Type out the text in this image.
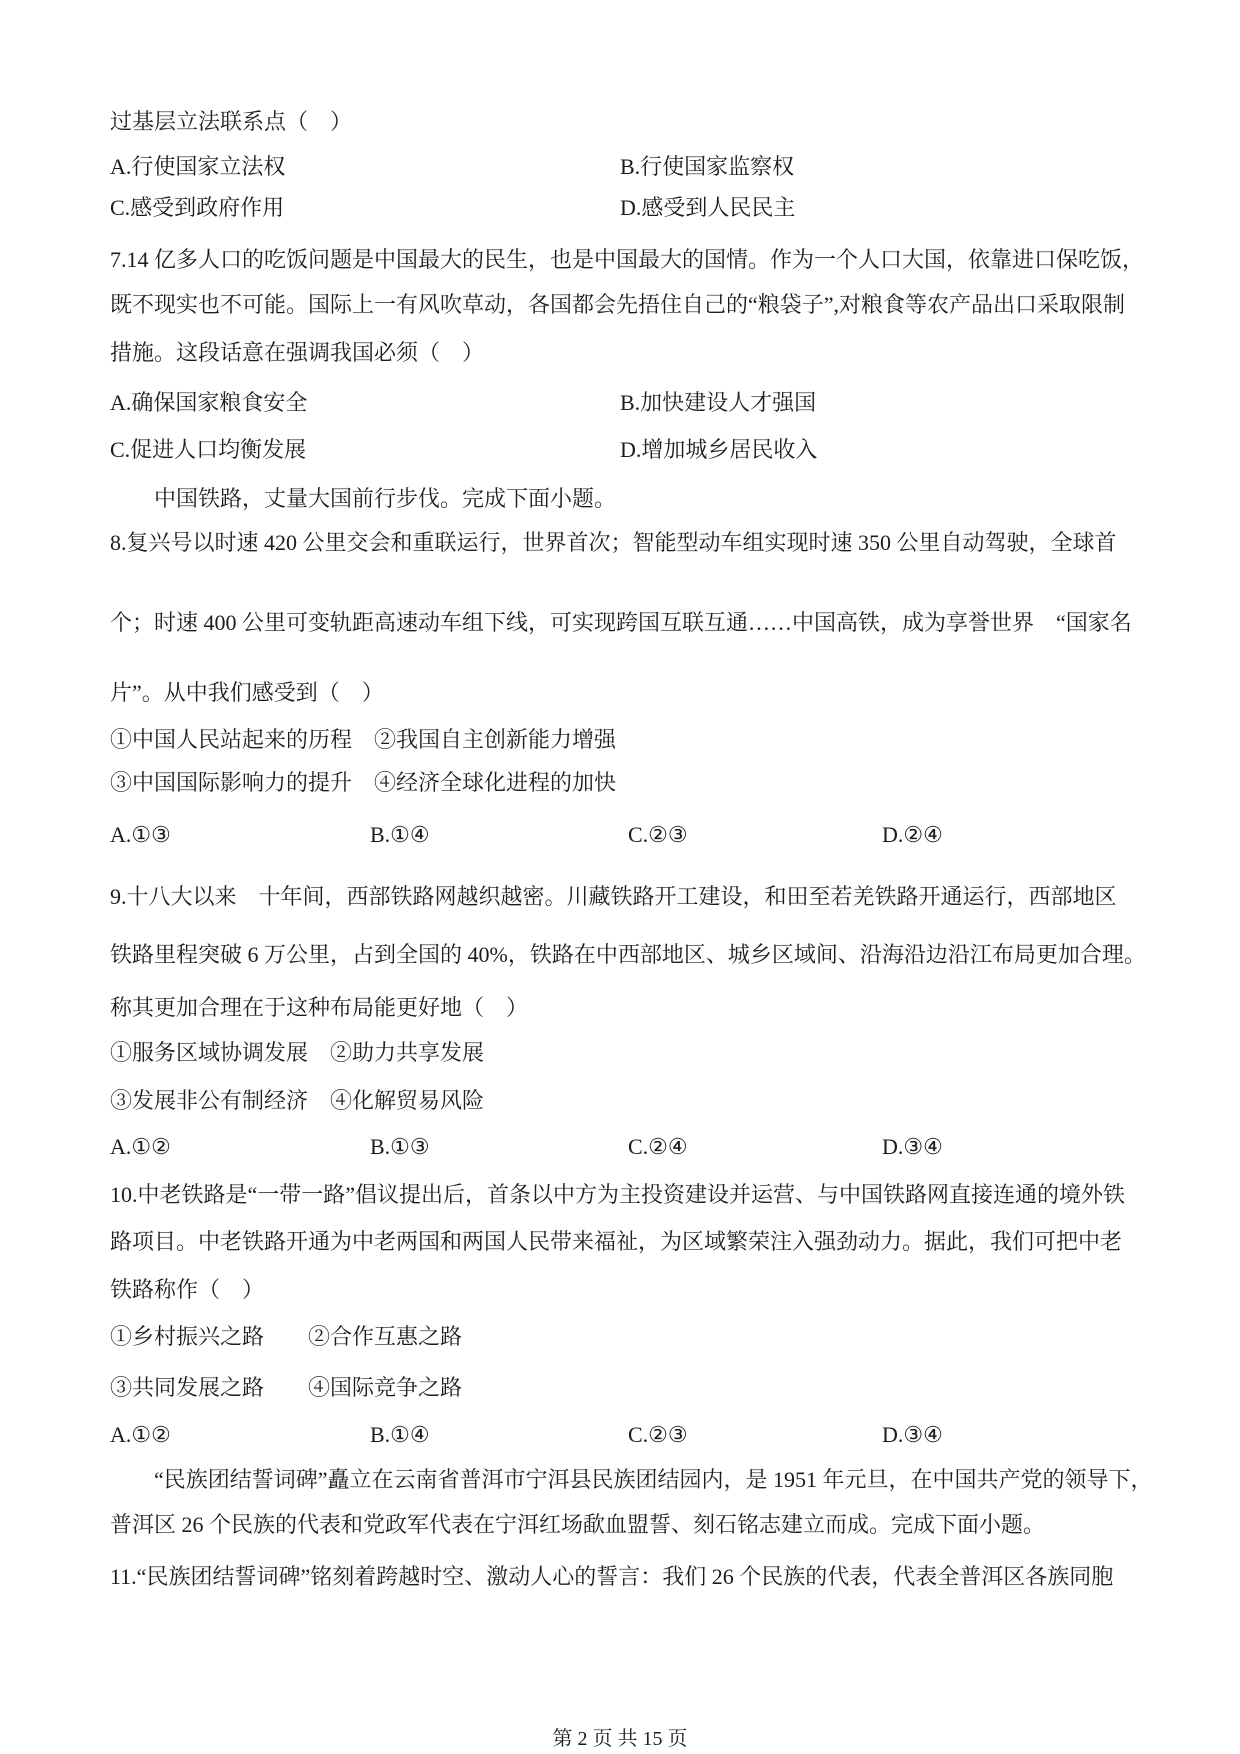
过基层立法联系点（　）
A.行使国家立法权	B.行使国家监察权
C.感受到政府作用	D.感受到人民民主
7.14 亿多人口的吃饭问题是中国最大的民生，也是中国最大的国情。作为一个人口大国，依靠进口保吃饭，
既不现实也不可能。国际上一有风吹草动，各国都会先捂住自己的“粮袋子”,对粮食等农产品出口采取限制
措施。这段话意在强调我国必须（　）
A.确保国家粮食安全	B.加快建设人才强国
C.促进人口均衡发展	D.增加城乡居民收入
中国铁路，丈量大国前行步伐。完成下面小题。
8.复兴号以时速 420 公里交会和重联运行，世界首次；智能型动车组实现时速 350 公里自动驾驶，全球首
个；时速 400 公里可变轨距高速动车组下线，可实现跨国互联互通……中国高铁，成为享誉世界　“国家名
片”。从中我们感受到（　）
①中国人民站起来的历程　②我国自主创新能力增强
③中国国际影响力的提升　④经济全球化进程的加快
A.①③	B.①④	C.②③	D.②④
9.十八大以来　十年间，西部铁路网越织越密。川藏铁路开工建设，和田至若羌铁路开通运行，西部地区
铁路里程突破 6 万公里，占到全国的 40%，铁路在中西部地区、城乡区域间、沿海沿边沿江布局更加合理。
称其更加合理在于这种布局能更好地（　）
①服务区域协调发展　②助力共享发展
③发展非公有制经济　④化解贸易风险
A.①②	B.①③	C.②④	D.③④
10.中老铁路是“一带一路”倡议提出后，首条以中方为主投资建设并运营、与中国铁路网直接连通的境外铁
路项目。中老铁路开通为中老两国和两国人民带来福祉，为区域繁荣注入强劲动力。据此，我们可把中老
铁路称作（　）
①乡村振兴之路　　②合作互惠之路
③共同发展之路　　④国际竞争之路
A.①②	B.①④	C.②③	D.③④
“民族团结誓词碑”矗立在云南省普洱市宁洱县民族团结园内，是 1951 年元旦，在中国共产党的领导下，
普洱区 26 个民族的代表和党政军代表在宁洱红场歃血盟誓、刻石铭志建立而成。完成下面小题。
11.“民族团结誓词碑”铭刻着跨越时空、激动人心的誓言：我们 26 个民族的代表，代表全普洱区各族同胞
第 2 页 共 15 页
